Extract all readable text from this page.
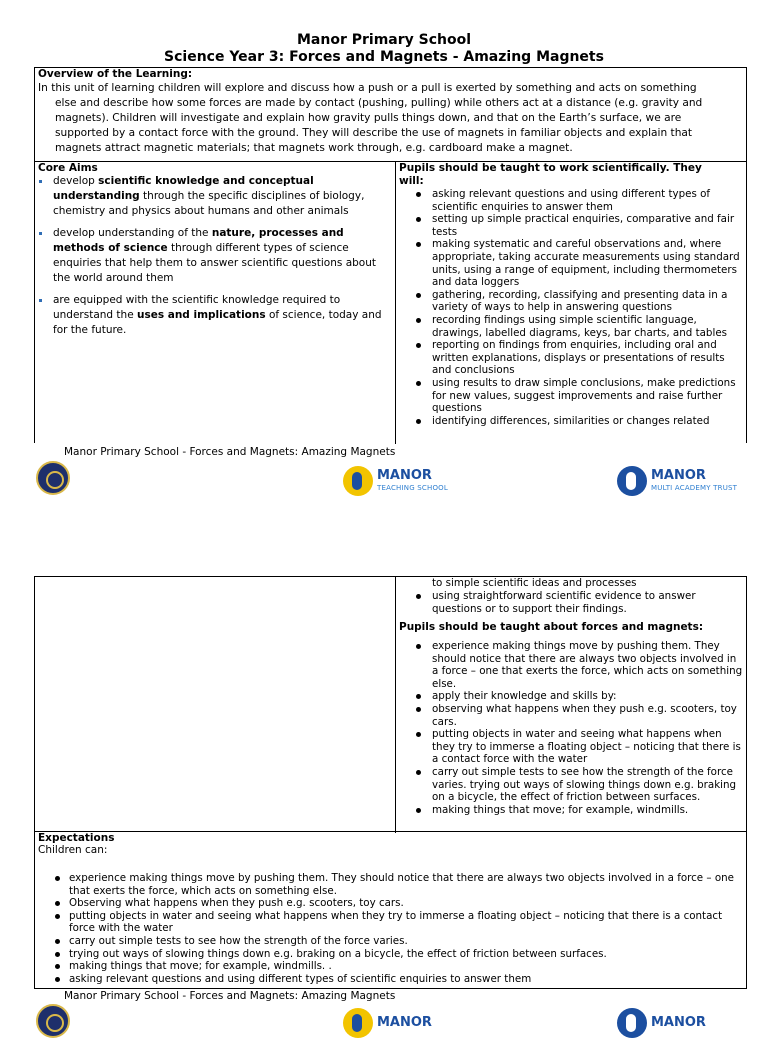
Manor Primary School
Science Year 3: Forces and Magnets - Amazing Magnets
Overview of the Learning:
In this unit of learning children will explore and discuss how a push or a pull is exerted by something and acts on something
else and describe how some forces are made by contact (pushing, pulling) while others act at a distance (e.g. gravity and
magnets). Children will investigate and explain how gravity pulls things down, and that on the Earth’s surface, we are
supported by a contact force with the ground. They will describe the use of magnets in familiar objects and explain that
magnets attract magnetic materials; that magnets work through, e.g. cardboard make a magnet.
Core Aims
develop scientific knowledge and conceptual understanding through the specific disciplines of biology, chemistry and physics about humans and other animals
develop understanding of the nature, processes and methods of science through different types of science enquiries that help them to answer scientific questions about the world around them
are equipped with the scientific knowledge required to understand the uses and implications of science, today and for the future.
Pupils should be taught to work scientifically. They will:
asking relevant questions and using different types of scientific enquiries to answer them
setting up simple practical enquiries, comparative and fair tests
making systematic and careful observations and, where appropriate, taking accurate measurements using standard units, using a range of equipment, including thermometers and data loggers
gathering, recording, classifying and presenting data in a variety of ways to help in answering questions
recording findings using simple scientific language, drawings, labelled diagrams, keys, bar charts, and tables
reporting on findings from enquiries, including oral and written explanations, displays or presentations of results and conclusions
using results to draw simple conclusions, make predictions for new values, suggest improvements and raise further questions
identifying differences, similarities or changes related
Manor Primary School - Forces and Magnets: Amazing Magnets
MANOR
TEACHING SCHOOL
MANOR
MULTI ACADEMY TRUST
to simple scientific ideas and processes
using straightforward scientific evidence to answer questions or to support their findings.
Pupils should be taught about forces and magnets:
experience making things move by pushing them. They should notice that there are always two objects involved in a force – one that exerts the force, which acts on something else.
apply their knowledge and skills by:
observing what happens when they push e.g. scooters, toy cars.
putting objects in water and seeing what happens when they try to immerse a floating object – noticing that there is a contact force with the water
carry out simple tests to see how the strength of the force varies. trying out ways of slowing things down e.g. braking on a bicycle, the effect of friction between surfaces.
making things that move; for example, windmills.
Expectations
Children can:
experience making things move by pushing them. They should notice that there are always two objects involved in a force – one that exerts the force, which acts on something else.
Observing what happens when they push e.g. scooters, toy cars.
putting objects in water and seeing what happens when they try to immerse a floating object – noticing that there is a contact force with the water
carry out simple tests to see how the strength of the force varies.
trying out ways of slowing things down e.g. braking on a bicycle, the effect of friction between surfaces.
making things that move; for example, windmills. .
asking relevant questions and using different types of scientific enquiries to answer them
Manor Primary School - Forces and Magnets: Amazing Magnets
MANOR	MANOR
